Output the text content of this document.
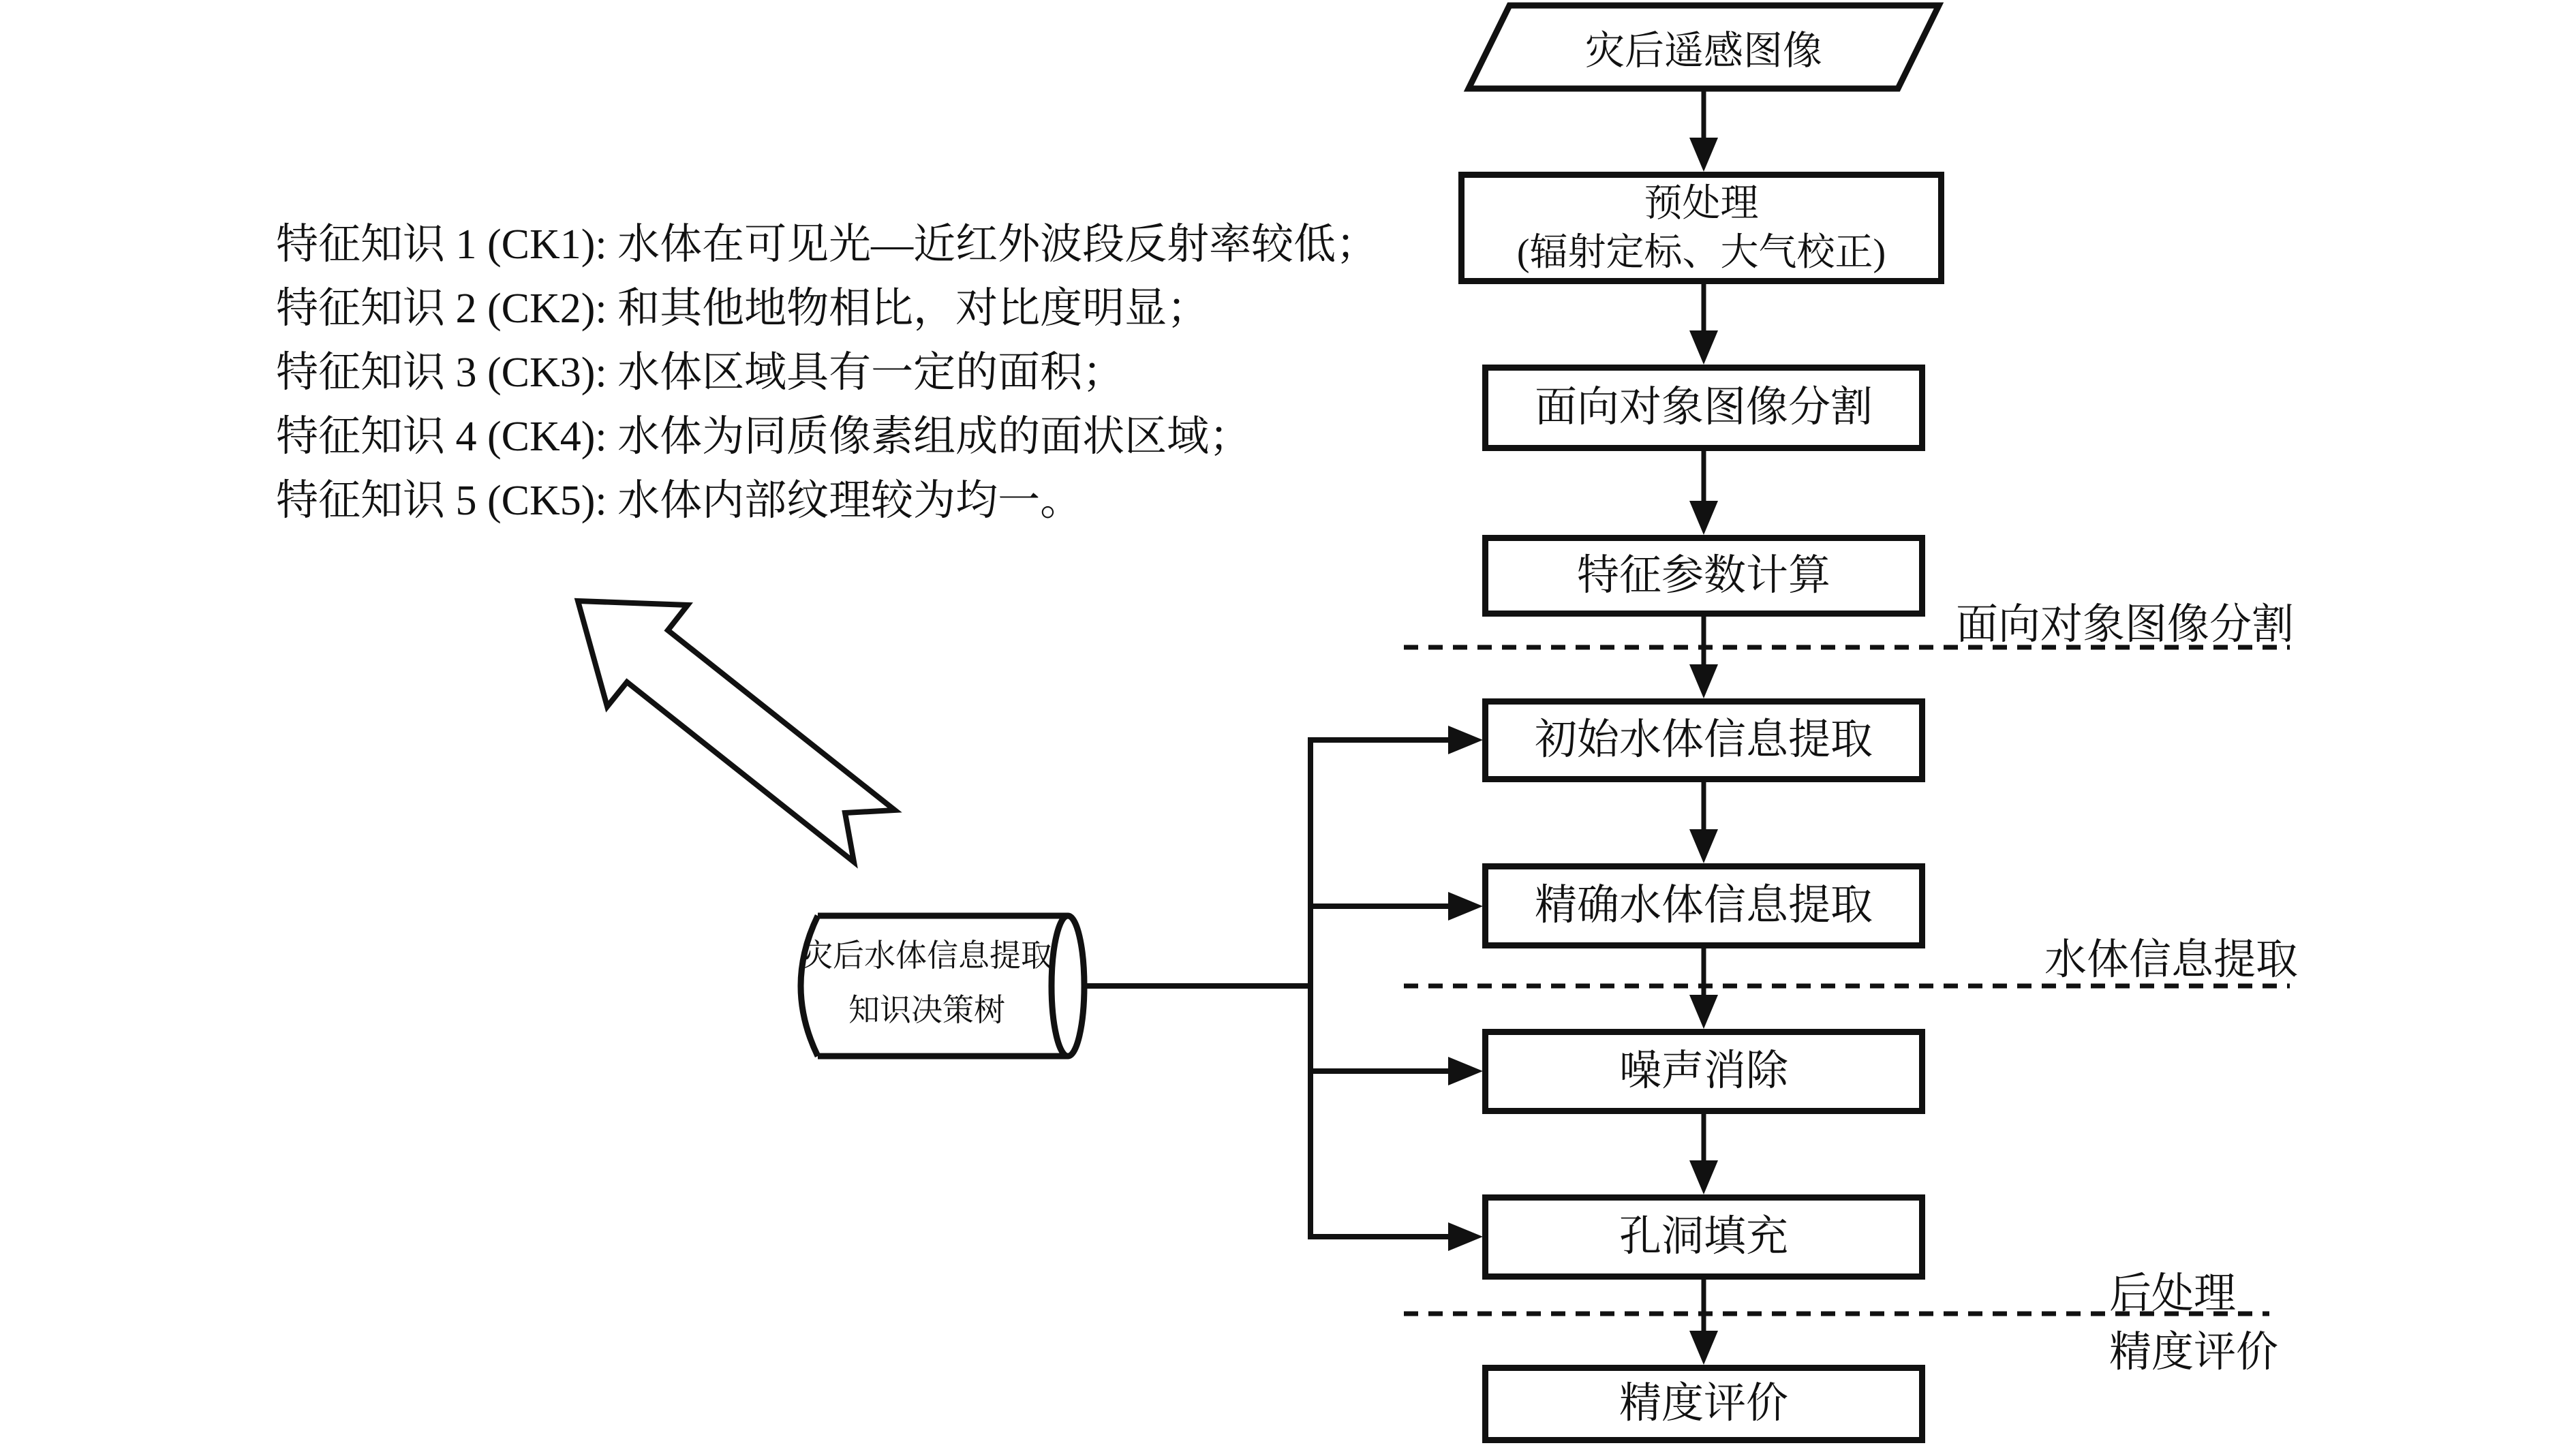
特征知识 1 (CK1): 水体在可见光—近红外波段反射率较低；
特征知识 2 (CK2): 和其他地物相比，对比度明显；
特征知识 3 (CK3): 水体区域具有一定的面积；
特征知识 4 (CK4): 水体为同质像素组成的面状区域；
特征知识 5 (CK5): 水体内部纹理较为均一。
灾后遥感图像
预处理
(辐射定标、大气校正)
面向对象图像分割
特征参数计算
初始水体信息提取
精确水体信息提取
噪声消除
孔洞填充
精度评价
灾后水体信息提取
知识决策树
面向对象图像分割
水体信息提取
后处理
精度评价
